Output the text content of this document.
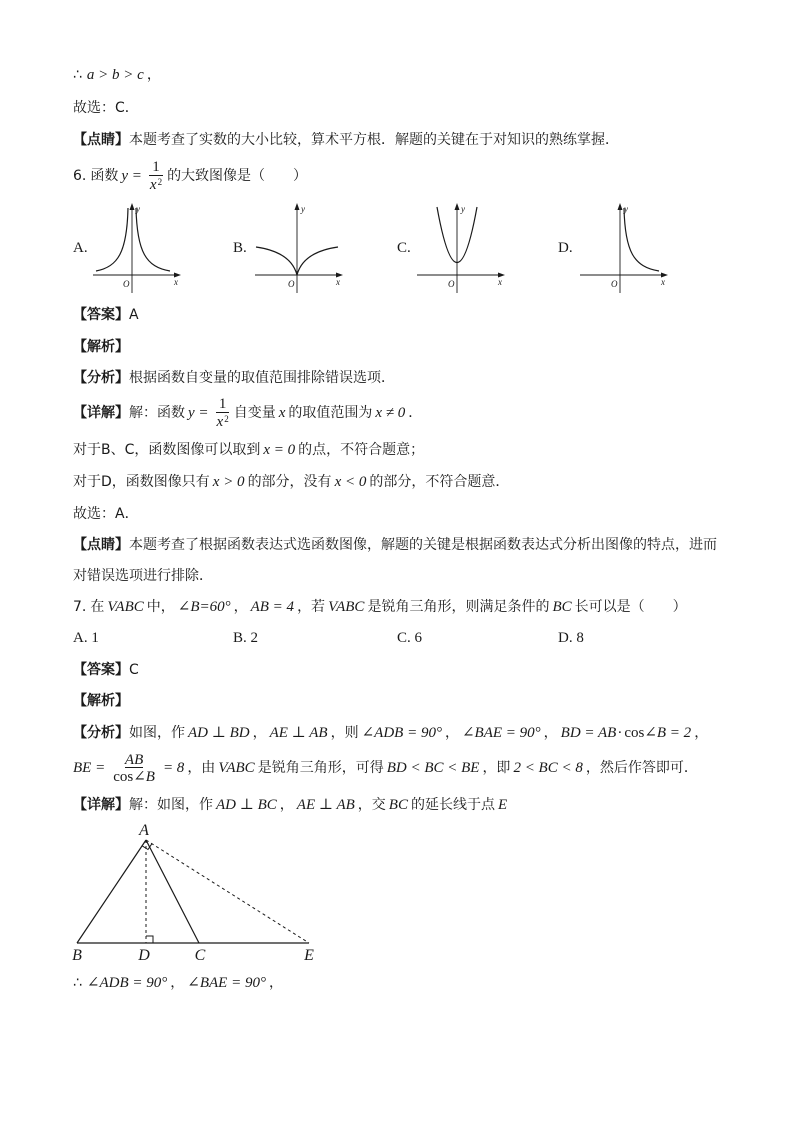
∴ a > b > c ，
故选：C．
【点睛】 本题考查了实数的大小比较，算术平方根．解题的关键在于对知识的熟练掌握．
6. 函数 $y = \frac{1}{x 2}$ 的大致图像是（　　）
A.	B.	C.	D.
y
x
O
y
x
O
y
x
O
y
x
O
【答案】 A
【解析】
【分析】 根据函数自变量的取值范围排除错误选项．
【详解】 解：函数 $y = \frac{1}{x 2}$ 自变量 x 的取值范围为 x ≠ 0 ．
对于B、C，函数图像可以取到 x = 0 的点，不符合题意；
对于D，函数图像只有 x > 0 的部分，没有 x < 0 的部分，不符合题意．
故选：A．
【点睛】 本题考查了根据函数表达式选函数图像，解题的关键是根据函数表达式分析出图像的特点，进而
对错误选项进行排除．
7. 在 VABC 中， ∠B=60° ， AB = 4 ，若 VABC 是锐角三角形，则满足条件的 BC 长可以是（　　）
A. 1	B. 2	C. 6	D. 8
【答案】 C
【解析】
【分析】 如图，作 AD ⊥ BD ， AE ⊥ AB ，则 ∠ADB = 90° ， ∠BAE = 90° ， BD = AB · cos ∠B = 2 ，
BE = $\frac{AB}{\cos \angle B} = 8$ ，由 VABC 是锐角三角形，可得 BD < BC < BE ，即 2 < BC < 8 ，然后作答即可．
【详解】 解：如图，作 AD ⊥ BC ， AE ⊥ AB ，交 BC 的延长线于点 E
A
B	D	C	E
∴ ∠ADB = 90° ， ∠BAE = 90° ，
